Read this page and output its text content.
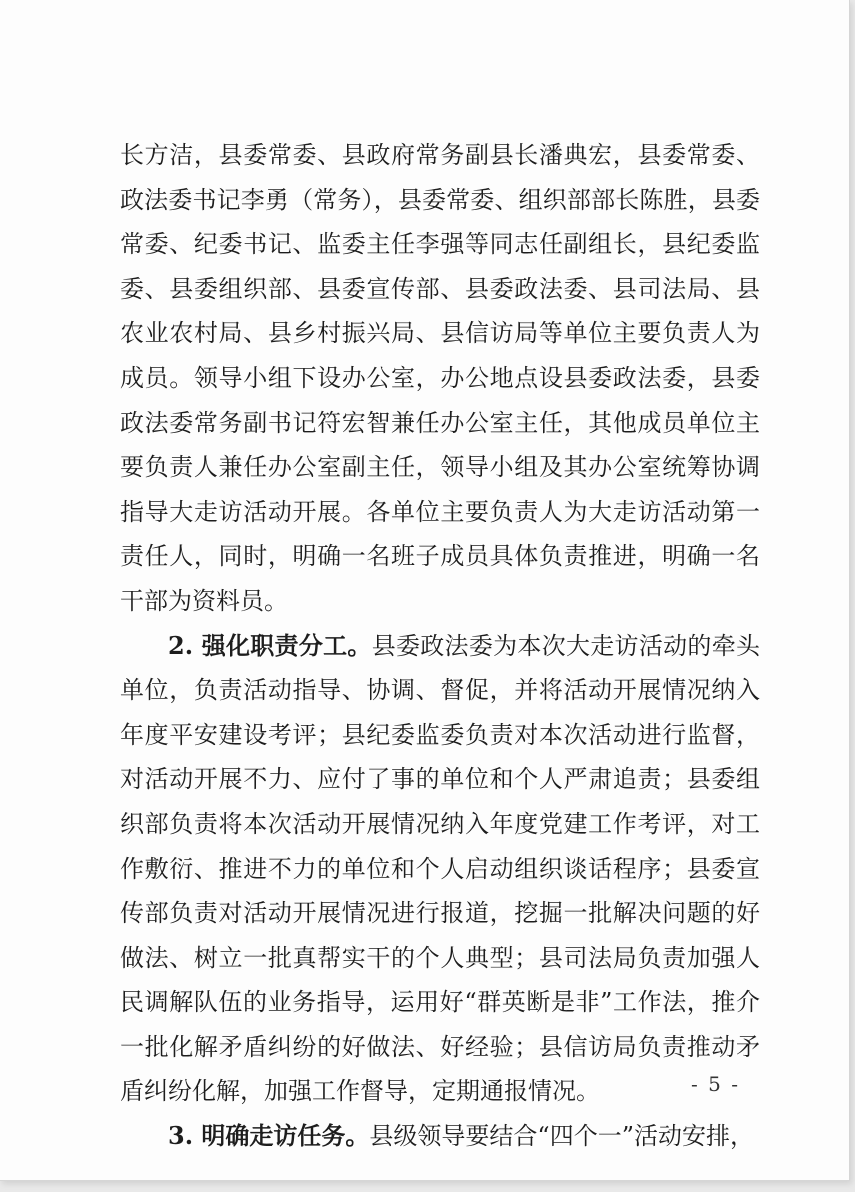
长方洁，县委常委、县政府常务副县长潘典宏，县委常委、政法委书记李勇（常务），县委常委、组织部部长陈胜，县委常委、纪委书记、监委主任李强等同志任副组长，县纪委监委、县委组织部、县委宣传部、县委政法委、县司法局、县农业农村局、县乡村振兴局、县信访局等单位主要负责人为成员。领导小组下设办公室，办公地点设县委政法委，县委政法委常务副书记符宏智兼任办公室主任，其他成员单位主要负责人兼任办公室副主任，领导小组及其办公室统筹协调指导大走访活动开展。各单位主要负责人为大走访活动第一责任人，同时，明确一名班子成员具体负责推进，明确一名干部为资料员。

2. 强化职责分工。县委政法委为本次大走访活动的牵头单位，负责活动指导、协调、督促，并将活动开展情况纳入年度平安建设考评；县纪委监委负责对本次活动进行监督，对活动开展不力、应付了事的单位和个人严肃追责；县委组织部负责将本次活动开展情况纳入年度党建工作考评，对工作敷衍、推进不力的单位和个人启动组织谈话程序；县委宣传部负责对活动开展情况进行报道，挖掘一批解决问题的好做法、树立一批真帮实干的个人典型；县司法局负责加强人民调解队伍的业务指导，运用好“群英断是非”工作法，推介一批化解矛盾纠纷的好做法、好经验；县信访局负责推动矛盾纠纷化解，加强工作督导，定期通报情况。

3. 明确走访任务。县级领导要结合“四个一”活动安排，

- 5 -
